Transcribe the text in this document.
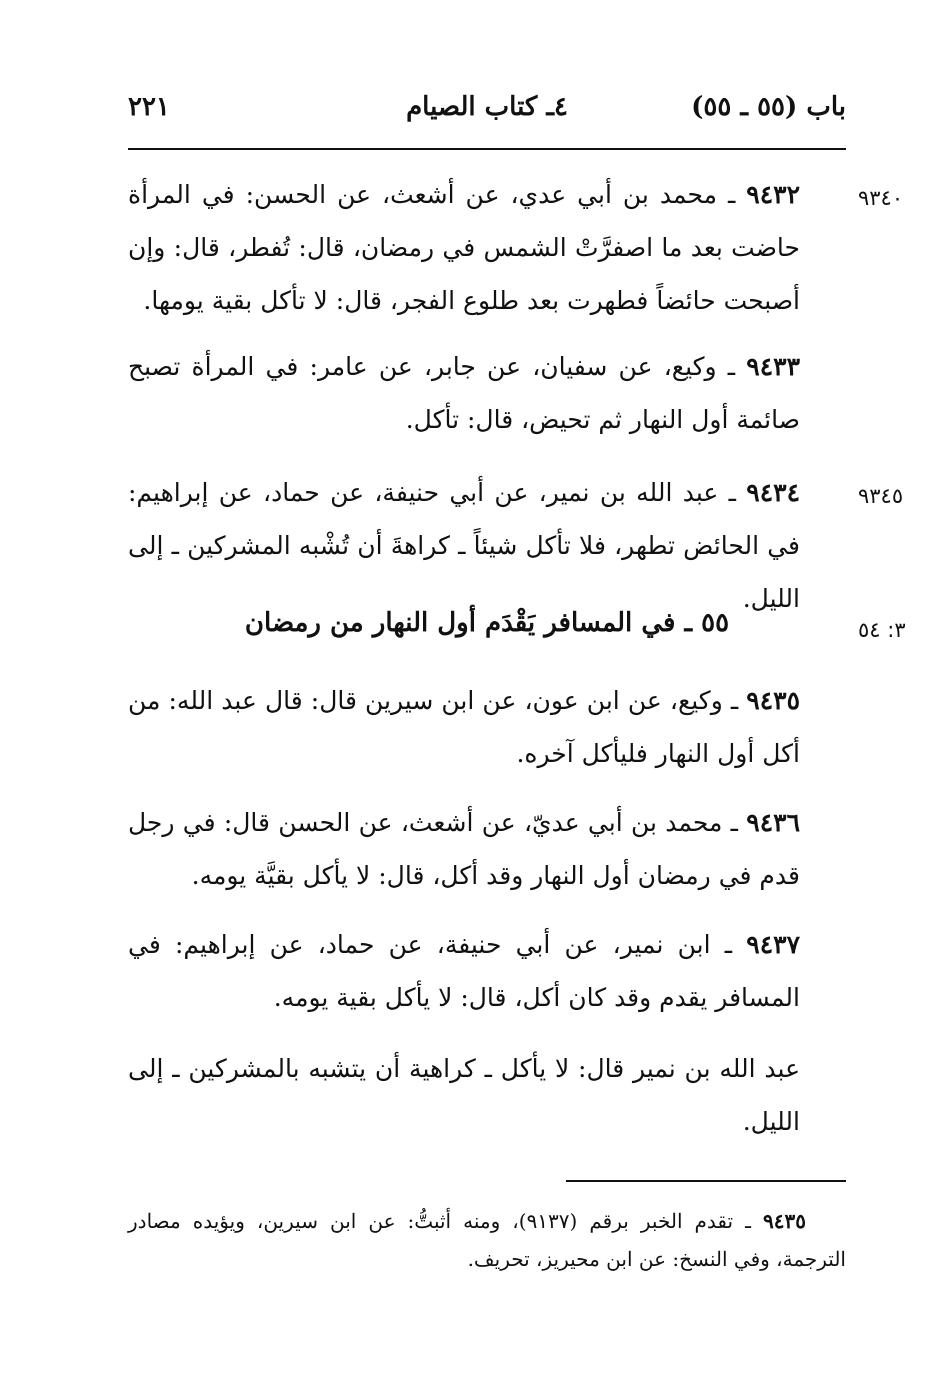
باب (٥٥ ـ ٥٥)
٤ـ كتاب الصيام
٢٢١
٩٣٤٠

٩٤٣٢ ـ محمد بن أبي عدي، عن أشعث، عن الحسن: في المرأة حاضت بعد ما اصفرَّتْ الشمس في رمضان، قال: تُفطر، قال: وإن أصبحت حائضاً فطهرت بعد طلوع الفجر، قال: لا تأكل بقية يومها.

٩٤٣٣ ـ وكيع، عن سفيان، عن جابر، عن عامر: في المرأة تصبح صائمة أول النهار ثم تحيض، قال: تأكل.

٩٣٤٥

٩٤٣٤ ـ عبد الله بن نمير، عن أبي حنيفة، عن حماد، عن إبراهيم: في الحائض تطهر، فلا تأكل شيئاً ـ كراهةَ أن تُشْبه المشركين ـ إلى الليل.

٣: ٥٤
٥٥ ـ في المسافر يَقْدَم أول النهار من رمضان

٩٤٣٥ ـ وكيع، عن ابن عون، عن ابن سيرين قال: قال عبد الله: من أكل أول النهار فليأكل آخره.

٩٤٣٦ ـ محمد بن أبي عديّ، عن أشعث، عن الحسن قال: في رجل قدم في رمضان أول النهار وقد أكل، قال: لا يأكل بقيَّة يومه.

٩٤٣٧ ـ ابن نمير، عن أبي حنيفة، عن حماد، عن إبراهيم: في المسافر يقدم وقد كان أكل، قال: لا يأكل بقية يومه.

عبد الله بن نمير قال: لا يأكل ـ كراهية أن يتشبه بالمشركين ـ إلى الليل.

٩٤٣٥ ـ تقدم الخبر برقم (٩١٣٧)، ومنه أثبتُّ: عن ابن سيرين، ويؤيده مصادر الترجمة، وفي النسخ: عن ابن محيريز، تحريف.
